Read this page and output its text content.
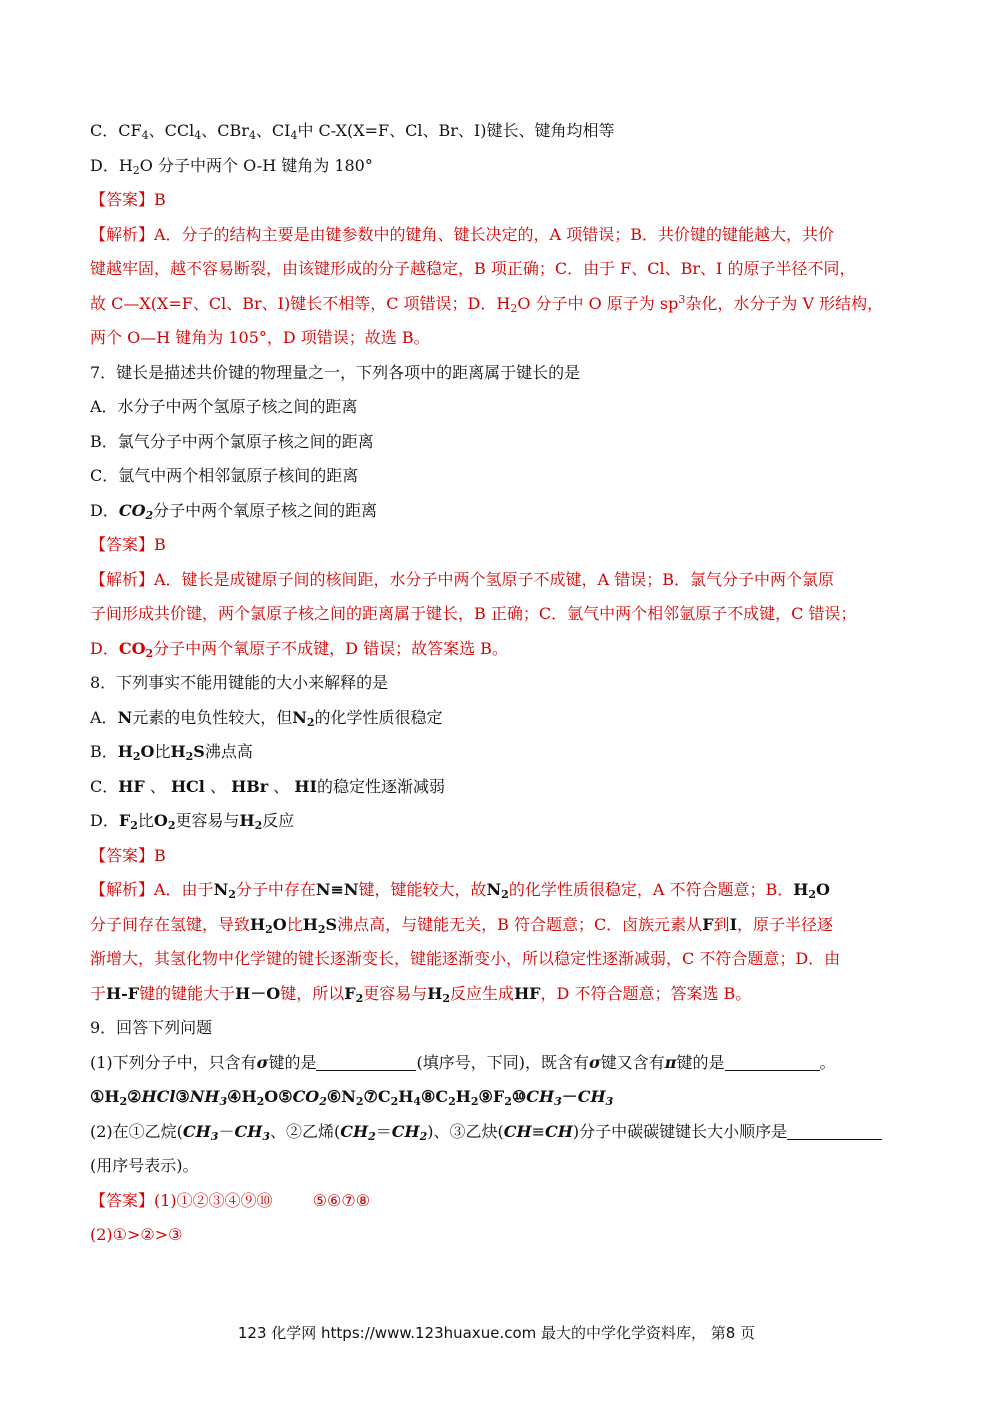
C．$CF_4$、CCl$_4$、CBr$_4$、$CI_4$中 C-X(X=F、Cl、Br、I)键长、键角均相等
D．$H_2O$ 分子中两个 O-H 键角为 180°
【答案】B
【解析】A．分子的结构主要是由键参数中的键角、键长决定的，A 项错误；B．共价键的键能越大，共价
键越牢固，越不容易断裂，由该键形成的分子越稳定，B 项正确；C．由于 F、Cl、Br、I 的原子半径不同，
故 C—X(X=F、Cl、Br、I)键长不相等，C 项错误；D．$H_2O$ 分子中 O 原子为 $sp^3$杂化，水分子为 V 形结构，
两个 O—H 键角为 105°，D 项错误；故选 B。
7．键长是描述共价键的物理量之一，下列各项中的距离属于键长的是
A．水分子中两个氢原子核之间的距离
B．氯气分子中两个氯原子核之间的距离
C．氩气中两个相邻氩原子核间的距离
D．$CO_2$分子中两个氧原子核之间的距离
【答案】B
【解析】A．键长是成键原子间的核间距，水分子中两个氢原子不成键，A 错误；B．氯气分子中两个氯原
子间形成共价键，两个氯原子核之间的距离属于键长，B 正确；C．氩气中两个相邻氩原子不成键，C 错误；
D．$CO_2$分子中两个氧原子不成键，D 错误；故答案选 B。
8．下列事实不能用键能的大小来解释的是
A．N元素的电负性较大，但$N_2$的化学性质很稳定
B．$H_2O$比$H_2S$沸点高
C．HF 、 HCl 、 HBr 、 HI的稳定性逐渐减弱
D．$F_2$比$O_2$更容易与$H_2$反应
【答案】B
【解析】A．由于$N_2$分子中存在N≡N键，键能较大，故$N_2$的化学性质很稳定，A 不符合题意；B．$H_2O$
分子间存在氢键，导致$H_2O$比$H_2S$沸点高，与键能无关，B 符合题意；C．卤族元素从F到I，原子半径逐
渐增大，其氢化物中化学键的键长逐渐变长，键能逐渐变小，所以稳定性逐渐减弱，C 不符合题意；D．由
于H-F键的键能大于H－O键，所以$F_2$更容易与$H_2$反应生成HF，D 不符合题意；答案选 B。
9．回答下列问题
(1)下列分子中，只含有σ键的是	(填序号，下同)，既含有σ键又含有π键的是	。
$①H_2②HCl③NH_3④H_2O⑤CO_2⑥N_2⑦C_2H_4⑧C_2H_2⑨F_2⑩CH_3-CH_3$
(2)在①乙烷($CH_3-CH_3$、②乙烯$(CH_2=CH_2)$、③乙炔(CH≡CH)分子中碳碳键键长大小顺序是
(用序号表示)。
【答案】(1)①②③④⑨⑩	⑤⑥⑦⑧
(2)①>②>③
123 化学网 https://www.123huaxue.com 最大的中学化学资料库， 第8 页
